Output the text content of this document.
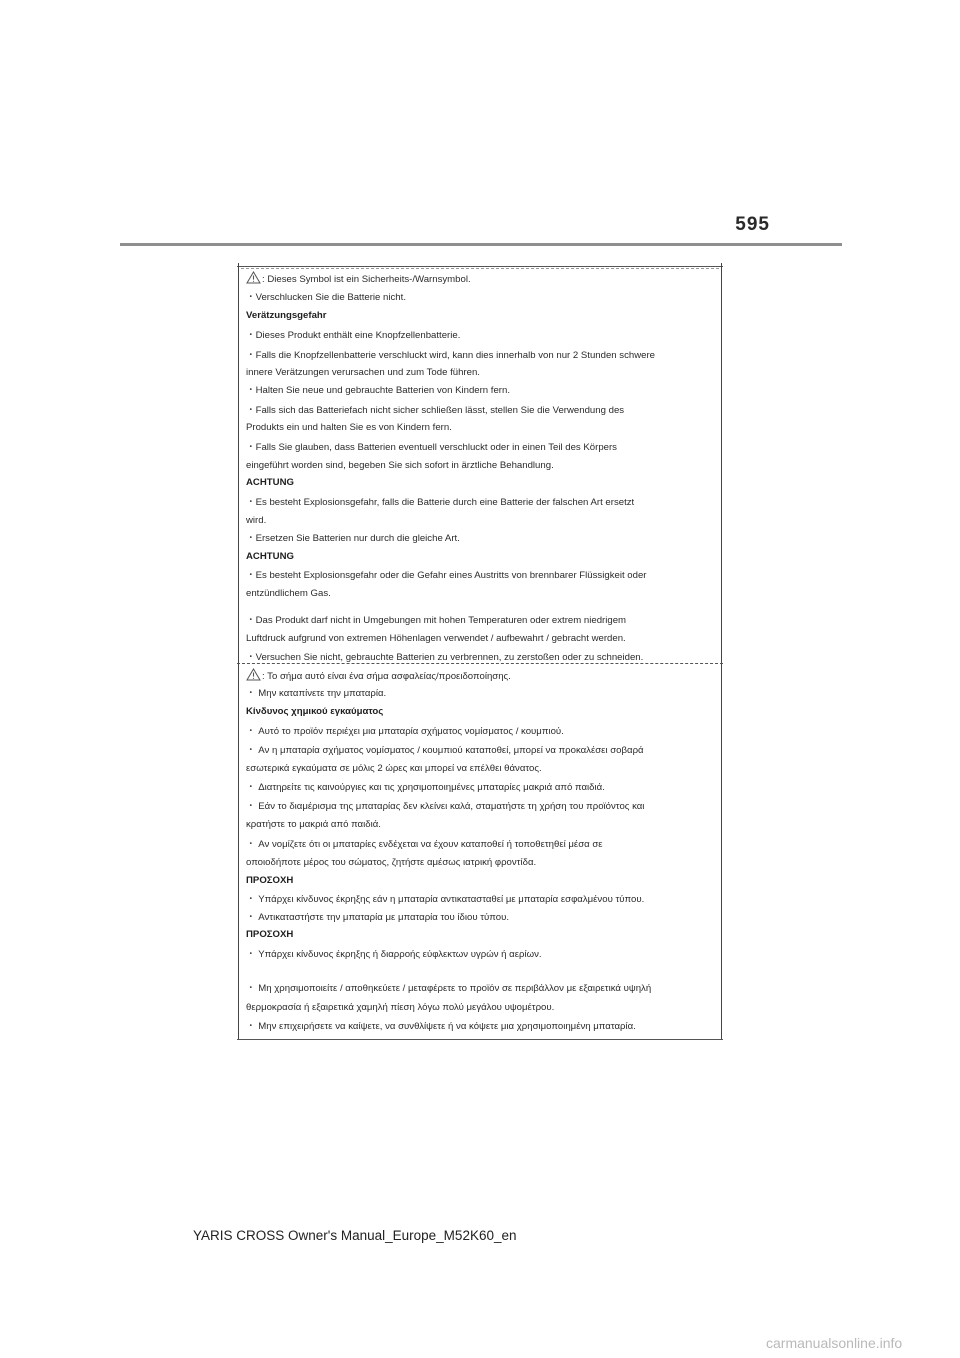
595
: Dieses Symbol ist ein Sicherheits-/Warnsymbol.
・Verschlucken Sie die Batterie nicht.
Verätzungsgefahr
・Dieses Produkt enthält eine Knopfzellenbatterie.
・Falls die Knopfzellenbatterie verschluckt wird, kann dies innerhalb von nur 2 Stunden schwere
innere Verätzungen verursachen und zum Tode führen.
・Halten Sie neue und gebrauchte Batterien von Kindern fern.
・Falls sich das Batteriefach nicht sicher schließen lässt, stellen Sie die Verwendung des
Produkts ein und halten Sie es von Kindern fern.
・Falls Sie glauben, dass Batterien eventuell verschluckt oder in einen Teil des Körpers
eingeführt worden sind, begeben Sie sich sofort in ärztliche Behandlung.
ACHTUNG
・Es besteht Explosionsgefahr, falls die Batterie durch eine Batterie der falschen Art ersetzt
wird.
・Ersetzen Sie Batterien nur durch die gleiche Art.
ACHTUNG
・Es besteht Explosionsgefahr oder die Gefahr eines Austritts von brennbarer Flüssigkeit oder
entzündlichem Gas.
・Das Produkt darf nicht in Umgebungen mit hohen Temperaturen oder extrem niedrigem
Luftdruck aufgrund von extremen Höhenlagen verwendet / aufbewahrt / gebracht werden.
・Versuchen Sie nicht, gebrauchte Batterien zu verbrennen, zu zerstoßen oder zu schneiden.
: Το σήμα αυτό είναι ένα σήμα ασφαλείας/προειδοποίησης.
・ Μην καταπίνετε την μπαταρία.
Κίνδυνος χημικού εγκαύματος
・ Αυτό το προϊόν περιέχει μια μπαταρία σχήματος νομίσματος / κουμπιού.
・ Αν η μπαταρία σχήματος νομίσματος / κουμπιού καταποθεί, μπορεί να προκαλέσει σοβαρά
εσωτερικά εγκαύματα σε μόλις 2 ώρες και μπορεί να επέλθει θάνατος.
・ Διατηρείτε τις καινούργιες και τις χρησιμοποιημένες μπαταρίες μακριά από παιδιά.
・ Εάν το διαμέρισμα της μπαταρίας δεν κλείνει καλά, σταματήστε τη χρήση του προϊόντος και
κρατήστε το μακριά από παιδιά.
・ Αν νομίζετε ότι οι μπαταρίες ενδέχεται να έχουν καταποθεί ή τοποθετηθεί μέσα σε
οποιοδήποτε μέρος του σώματος, ζητήστε αμέσως ιατρική φροντίδα.
ΠΡΟΣΟΧΗ
・ Υπάρχει κίνδυνος έκρηξης εάν η μπαταρία αντικατασταθεί με μπαταρία εσφαλμένου τύπου.
・ Αντικαταστήστε την μπαταρία με μπαταρία του ίδιου τύπου.
ΠΡΟΣΟΧΗ
・ Υπάρχει κίνδυνος έκρηξης ή διαρροής εύφλεκτων υγρών ή αερίων.
・ Μη χρησιμοποιείτε / αποθηκεύετε / μεταφέρετε το προϊόν σε περιβάλλον με εξαιρετικά υψηλή
θερμοκρασία ή εξαιρετικά χαμηλή πίεση λόγω πολύ μεγάλου υψομέτρου.
・ Μην επιχειρήσετε να καίψετε, να συνθλίψετε ή να κόψετε μια χρησιμοποιημένη μπαταρία.
YARIS CROSS Owner's Manual_Europe_M52K60_en
carmanualsonline.info
